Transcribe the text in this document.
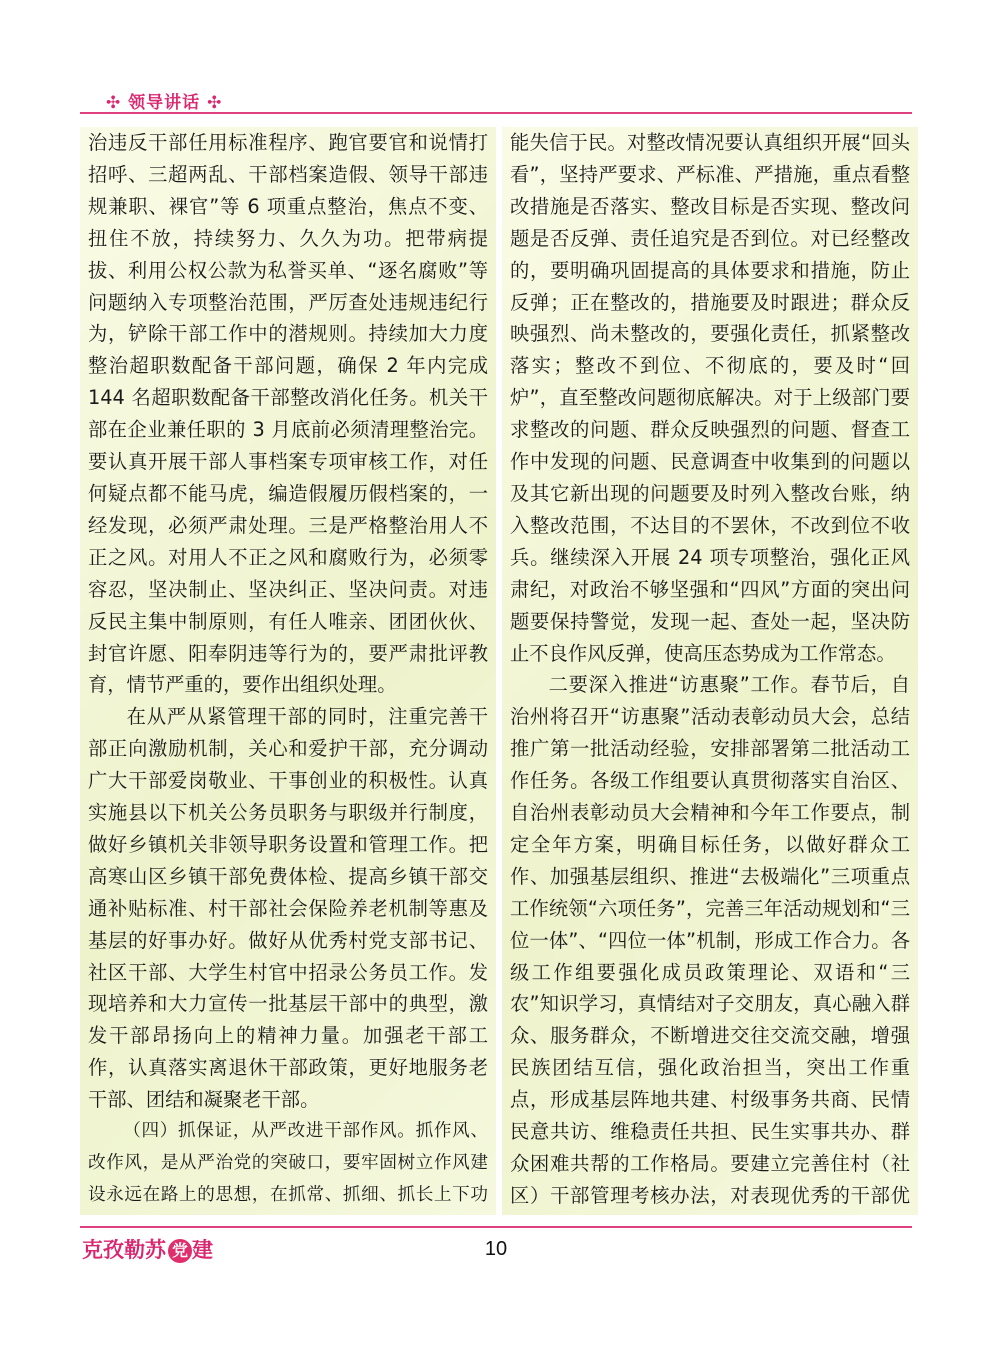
✣ 领导讲话 ✣

治违反干部任用标准程序、跑官要官和说情打招呼、三超两乱、干部档案造假、领导干部违规兼职、裸官”等 6 项重点整治，焦点不变、扭住不放，持续努力、久久为功。把带病提拔、利用公权公款为私誉买单、“逐名腐败”等问题纳入专项整治范围，严厉查处违规违纪行为，铲除干部工作中的潜规则。持续加大力度整治超职数配备干部问题，确保 2 年内完成 144 名超职数配备干部整改消化任务。机关干部在企业兼任职的 3 月底前必须清理整治完。要认真开展干部人事档案专项审核工作，对任何疑点都不能马虎，编造假履历假档案的，一经发现，必须严肃处理。三是严格整治用人不正之风。对用人不正之风和腐败行为，必须零容忍，坚决制止、坚决纠正、坚决问责。对违反民主集中制原则，有任人唯亲、团团伙伙、封官许愿、阳奉阴违等行为的，要严肃批评教育，情节严重的，要作出组织处理。

在从严从紧管理干部的同时，注重完善干部正向激励机制，关心和爱护干部，充分调动广大干部爱岗敬业、干事创业的积极性。认真实施县以下机关公务员职务与职级并行制度，做好乡镇机关非领导职务设置和管理工作。把高寒山区乡镇干部免费体检、提高乡镇干部交通补贴标准、村干部社会保险养老机制等惠及基层的好事办好。做好从优秀村党支部书记、社区干部、大学生村官中招录公务员工作。发现培养和大力宣传一批基层干部中的典型，激发干部昂扬向上的精神力量。加强老干部工作，认真落实离退休干部政策，更好地服务老干部、团结和凝聚老干部。

（四）抓保证，从严改进干部作风。抓作风、改作风，是从严治党的突破口，要牢固树立作风建设永远在路上的思想，在抓常、抓细、抓长上下功

能失信于民。对整改情况要认真组织开展“回头看”，坚持严要求、严标准、严措施，重点看整改措施是否落实、整改目标是否实现、整改问题是否反弹、责任追究是否到位。对已经整改的，要明确巩固提高的具体要求和措施，防止反弹；正在整改的，措施要及时跟进；群众反映强烈、尚未整改的，要强化责任，抓紧整改落实；整改不到位、不彻底的，要及时“回炉”，直至整改问题彻底解决。对于上级部门要求整改的问题、群众反映强烈的问题、督查工作中发现的问题、民意调查中收集到的问题以及其它新出现的问题要及时列入整改台账，纳入整改范围，不达目的不罢休，不改到位不收兵。继续深入开展 24 项专项整治，强化正风肃纪，对政治不够坚强和“四风”方面的突出问题要保持警觉，发现一起、查处一起，坚决防止不良作风反弹，使高压态势成为工作常态。

二要深入推进“访惠聚”工作。春节后，自治州将召开“访惠聚”活动表彰动员大会，总结推广第一批活动经验，安排部署第二批活动工作任务。各级工作组要认真贯彻落实自治区、自治州表彰动员大会精神和今年工作要点，制定全年方案，明确目标任务，以做好群众工作、加强基层组织、推进“去极端化”三项重点工作统领“六项任务”，完善三年活动规划和“三位一体”、“四位一体”机制，形成工作合力。各级工作组要强化成员政策理论、双语和“三农”知识学习，真情结对子交朋友，真心融入群众、服务群众，不断增进交往交流交融，增强民族团结互信，强化政治担当，突出工作重点，形成基层阵地共建、村级事务共商、民情民意共访、维稳责任共担、民生实事共办、群众困难共帮的工作格局。要建立完善住村（社区）干部管理考核办法，对表现优秀的干部优

克孜勒苏 党 建	10
